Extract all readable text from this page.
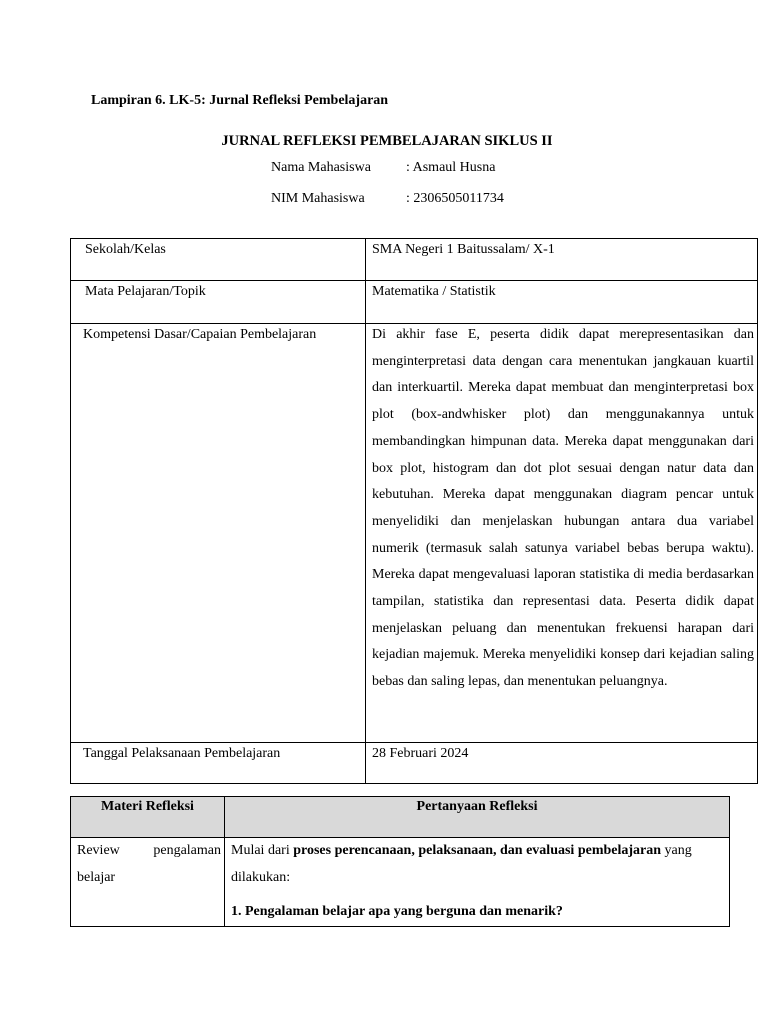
Lampiran 6. LK-5: Jurnal Refleksi Pembelajaran
JURNAL REFLEKSI PEMBELAJARAN SIKLUS II
Nama Mahasiswa	: Asmaul Husna
NIM Mahasiswa	: 2306505011734
Sekolah/Kelas	SMA Negeri 1 Baitussalam/ X-1
Mata Pelajaran/Topik	Matematika / Statistik
Kompetensi Dasar/Capaian Pembelajaran	Di akhir fase E, peserta didik dapat merepresentasikan dan menginterpretasi data dengan cara menentukan jangkauan kuartil dan interkuartil. Mereka dapat membuat dan menginterpretasi box plot (box-andwhisker plot) dan menggunakannya untuk membandingkan himpunan data. Mereka dapat menggunakan dari box plot, histogram dan dot plot sesuai dengan natur data dan kebutuhan. Mereka dapat menggunakan diagram pencar untuk menyelidiki dan menjelaskan hubungan antara dua variabel numerik (termasuk salah satunya variabel bebas berupa waktu). Mereka dapat mengevaluasi laporan statistika di media berdasarkan tampilan, statistika dan representasi data. Peserta didik dapat menjelaskan peluang dan menentukan frekuensi harapan dari kejadian majemuk. Mereka menyelidiki konsep dari kejadian saling bebas dan saling lepas, dan menentukan peluangnya.

Tanggal Pelaksanaan Pembelajaran	28 Februari 2024
Materi Refleksi	Pertanyaan Refleksi

Review pengalaman belajar	Mulai dari proses perencanaan, pelaksanaan, dan evaluasi pembelajaran yang dilakukan:
1. Pengalaman belajar apa yang berguna dan menarik?
